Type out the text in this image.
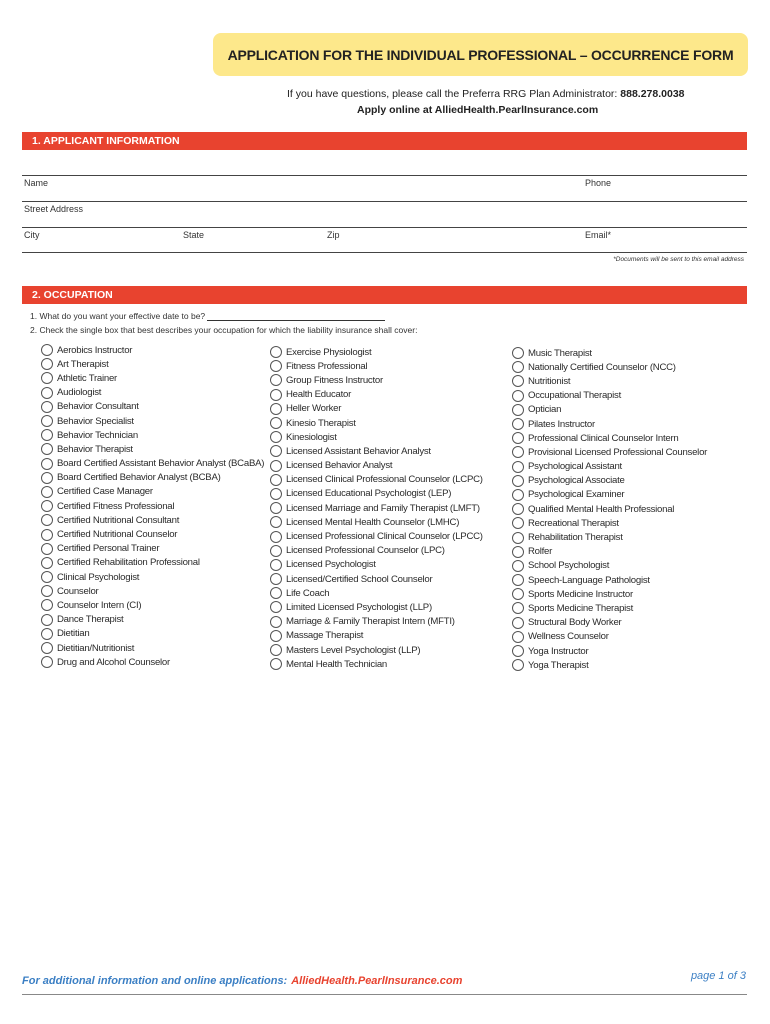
APPLICATION FOR THE INDIVIDUAL PROFESSIONAL – OCCURRENCE FORM
If you have questions, please call the Preferra RRG Plan Administrator: 888.278.0038
Apply online at AlliedHealth.PearlInsurance.com
1. APPLICANT INFORMATION
Name	Phone
Street Address
City	State	Zip	Email*
*Documents will be sent to this email address
2. OCCUPATION
1. What do you want your effective date to be?
2. Check the single box that best describes your occupation for which the liability insurance shall cover:
Aerobics Instructor
Art Therapist
Athletic Trainer
Audiologist
Behavior Consultant
Behavior Specialist
Behavior Technician
Behavior Therapist
Board Certified Assistant Behavior Analyst (BCaBA)
Board Certified Behavior Analyst (BCBA)
Certified Case Manager
Certified Fitness Professional
Certified Nutritional Consultant
Certified Nutritional Counselor
Certified Personal Trainer
Certified Rehabilitation Professional
Clinical Psychologist
Counselor
Counselor Intern (CI)
Dance Therapist
Dietitian
Dietitian/Nutritionist
Drug and Alcohol Counselor
Exercise Physiologist
Fitness Professional
Group Fitness Instructor
Health Educator
Heller Worker
Kinesio Therapist
Kinesiologist
Licensed Assistant Behavior Analyst
Licensed Behavior Analyst
Licensed Clinical Professional Counselor (LCPC)
Licensed Educational Psychologist (LEP)
Licensed Marriage and Family Therapist (LMFT)
Licensed Mental Health Counselor (LMHC)
Licensed Professional Clinical Counselor (LPCC)
Licensed Professional Counselor (LPC)
Licensed Psychologist
Licensed/Certified School Counselor
Life Coach
Limited Licensed Psychologist (LLP)
Marriage & Family Therapist Intern (MFTI)
Massage Therapist
Masters Level Psychologist (LLP)
Mental Health Technician
Music Therapist
Nationally Certified Counselor (NCC)
Nutritionist
Occupational Therapist
Optician
Pilates Instructor
Professional Clinical Counselor Intern
Provisional Licensed Professional Counselor
Psychological Assistant
Psychological Associate
Psychological Examiner
Qualified Mental Health Professional
Recreational Therapist
Rehabilitation Therapist
Rolfer
School Psychologist
Speech-Language Pathologist
Sports Medicine Instructor
Sports Medicine Therapist
Structural Body Worker
Wellness Counselor
Yoga Instructor
Yoga Therapist
For additional information and online applications: AlliedHealth.PearlInsurance.com	page 1 of 3
